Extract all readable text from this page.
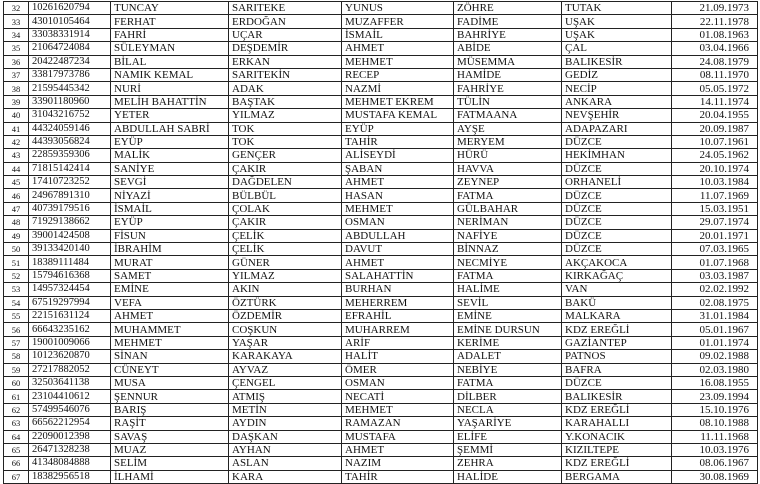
32	10261620794	TUNCAY	SARITEKE	YUNUS	ZÖHRE	TUTAK	21.09.1973
33	43010105464	FERHAT	ERDOĞAN	MUZAFFER	FADİME	UŞAK	22.11.1978
34	33038331914	FAHRİ	UÇAR	İSMAİL	BAHRİYE	UŞAK	01.08.1963
35	21064724084	SÜLEYMAN	DEŞDEMİR	AHMET	ABİDE	ÇAL	03.04.1966
36	20422487234	BİLAL	ERKAN	MEHMET	MÜSEMMA	BALIKESİR	24.08.1979
37	33817973786	NAMIK KEMAL	SARITEKİN	RECEP	HAMİDE	GEDİZ	08.11.1970
38	21595445342	NURİ	ADAK	NAZMİ	FAHRİYE	NECİP	05.05.1972
39	33901180960	MELİH BAHATTİN	BAŞTAK	MEHMET EKREM	TÜLİN	ANKARA	14.11.1974
40	31043216752	YETER	YILMAZ	MUSTAFA KEMAL	FATMAANA	NEVŞEHİR	20.04.1955
41	44324059146	ABDULLAH SABRİ	TOK	EYÜP	AYŞE	ADAPAZARI	20.09.1987
42	44393056824	EYÜP	TOK	TAHİR	MERYEM	DÜZCE	10.07.1961
43	22859359306	MALİK	GENÇER	ALİSEYDİ	HÜRÜ	HEKİMHAN	24.05.1962
44	71815142414	SANİYE	ÇAKIR	ŞABAN	HAVVA	DÜZCE	20.10.1974
45	17410723252	SEVGİ	DAĞDELEN	AHMET	ZEYNEP	ORHANELİ	10.03.1984
46	24967891310	NİYAZİ	BÜLBÜL	HASAN	FATMA	DÜZCE	11.07.1969
47	40739179516	İSMAİL	ÇOLAK	MEHMET	GÜLBAHAR	DÜZCE	15.03.1951
48	71929138662	EYÜP	ÇAKIR	OSMAN	NERİMAN	DÜZCE	29.07.1974
49	39001424508	FİSUN	ÇELİK	ABDULLAH	NAFİYE	DÜZCE	20.01.1971
50	39133420140	İBRAHİM	ÇELİK	DAVUT	BİNNAZ	DÜZCE	07.03.1965
51	18389111484	MURAT	GÜNER	AHMET	NECMİYE	AKÇAKOCA	01.07.1968
52	15794616368	SAMET	YILMAZ	SALAHATTİN	FATMA	KIRKAĞAÇ	03.03.1987
53	14957324454	EMİNE	AKIN	BURHAN	HALİME	VAN	02.02.1992
54	67519297994	VEFA	ÖZTÜRK	MEHERREM	SEVİL	BAKÜ	02.08.1975
55	22151631124	AHMET	ÖZDEMİR	EFRAHİL	EMİNE	MALKARA	31.01.1984
56	66643235162	MUHAMMET	COŞKUN	MUHARREM	EMİNE DURSUN	KDZ EREĞLİ	05.01.1967
57	19001009066	MEHMET	YAŞAR	ARİF	KERİME	GAZİANTEP	01.01.1974
58	10123620870	SİNAN	KARAKAYA	HALİT	ADALET	PATNOS	09.02.1988
59	27217882052	CÜNEYT	AYVAZ	ÖMER	NEBİYE	BAFRA	02.03.1980
60	32503641138	MUSA	ÇENGEL	OSMAN	FATMA	DÜZCE	16.08.1955
61	23104410612	ŞENNUR	ATMIŞ	NECATİ	DİLBER	BALIKESİR	23.09.1994
62	57499546076	BARIŞ	METİN	MEHMET	NECLA	KDZ EREĞLİ	15.10.1976
63	66562212954	RAŞİT	AYDIN	RAMAZAN	YAŞARİYE	KARAHALLI	08.10.1988
64	22090012398	SAVAŞ	DAŞKAN	MUSTAFA	ELİFE	Y.KONACIK	11.11.1968
65	26471328238	MUAZ	AYHAN	AHMET	ŞEMMİ	KIZILTEPE	10.03.1976
66	41348084888	SELİM	ASLAN	NAZIM	ZEHRA	KDZ EREĞLİ	08.06.1967
67	18382956518	İLHAMİ	KARA	TAHİR	HALİDE	BERGAMA	30.08.1969
